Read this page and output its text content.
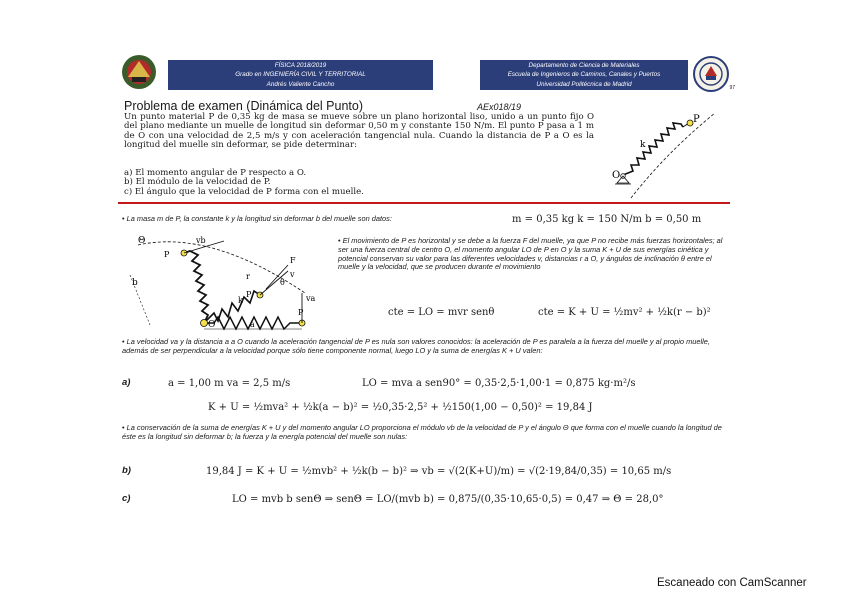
FÍSICA 2018/2019
Grado en INGENIERÍA CIVIL Y TERRITORIAL
Andrés Valiente Cancho
Departamento de Ciencia de Materiales
Escuela de Ingenieros de Caminos, Canales y Puertos
Universidad Politécnica de Madrid
97
Problema de examen (Dinámica del Punto)	AEx018/19

Un punto material P de 0,35 kg de masa se mueve sobre un plano horizontal liso, unido a un punto fijo O del plano mediante un muelle de longitud sin deformar 0,50 m y constante 150 N/m. El punto P pasa a 1 m de O con una velocidad de 2,5 m/s y con aceleración tangencial nula. Cuando la distancia de P a O es la longitud del muelle sin deformar, se pide determinar:

a) El momento angular de P respecto a O.
b) El módulo de la velocidad de P.
c) El ángulo que la velocidad de P forma con el muelle.
P
O
k
• La masa m de P, la constante k y la longitud sin deformar b del muelle son datos:	m = 0,35 kg k = 150 N/m b = 0,50 m
Θ	vb
P
b
P
F
r
θ
v
k
O
P
va
a
• El movimiento de P es horizontal y se debe a la fuerza F del muelle, ya que P no recibe más fuerzas horizontales; al ser una fuerza central de centro O, el momento angular LO de P en O y la suma K + U de sus energías cinética y potencial conservan su valor para las diferentes velocidades v, distancias r a O, y ángulos de inclinación θ entre el muelle y la velocidad, que se producen durante el movimiento
cte = LO = mvr senθ	cte = K + U = ½mv² + ½k(r − b)²
• La velocidad va y la distancia a a O cuando la aceleración tangencial de P es nula son valores conocidos: la aceleración de P es paralela a la fuerza del muelle y al propio muelle, además de ser perpendicular a la velocidad porque sólo tiene componente normal, luego LO y la suma de energías K + U valen:
a)	a = 1,00 m va = 2,5 m/s	LO = mva a sen90° = 0,35·2,5·1,00·1 = 0,875 kg·m²/s
K + U = ½mva² + ½k(a − b)² = ½0,35·2,5² + ½150(1,00 − 0,50)² = 19,84 J
• La conservación de la suma de energías K + U y del momento angular LO proporciona el módulo vb de la velocidad de P y el ángulo Θ que forma con el muelle cuando la longitud de éste es la longitud sin deformar b; la fuerza y la energía potencial del muelle son nulas:
b)	19,84 J = K + U = ½mvb² + ½k(b − b)² ⇒ vb = √(2(K+U)/m) = √(2·19,84/0,35) = 10,65 m/s
c)	LO = mvb b senΘ ⇒ senΘ = LO/(mvb b) = 0,875/(0,35·10,65·0,5) = 0,47 ⇒ Θ = 28,0°
Escaneado con CamScanner
